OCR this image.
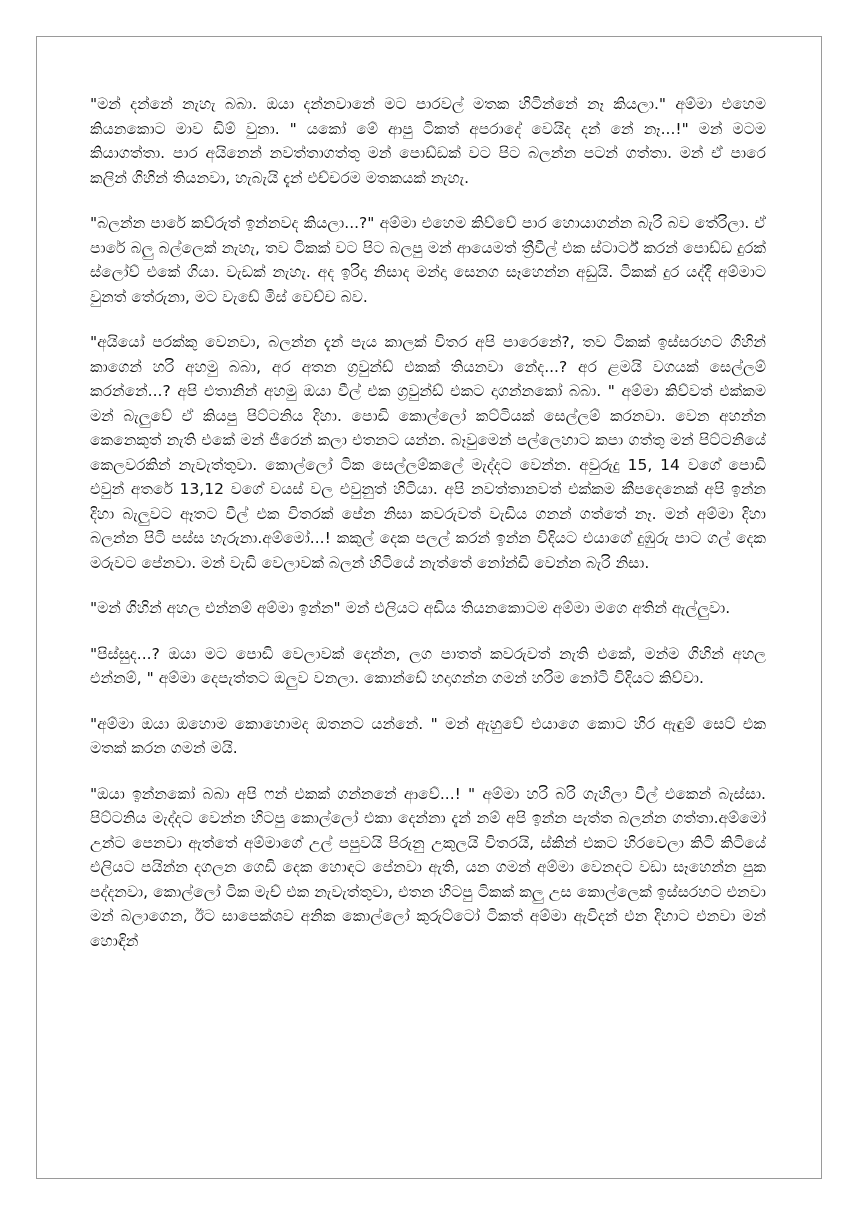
"මන් දන්නේ නැහැ බබා. ඔයා දන්නවානේ මට පාරවල් මතක හිටින්නේ නෑ කියලා." අම්මා එහෙම කියනකොට මාව ඩිම් වුනා. " යකෝ මේ ආපු ටිකත් අපරාදේ වෙයිද දන් නේ නෑ...!" මන් මටම කියාගත්තා. පාර අයිනෙන් නවත්තාගත්තු මන් පොඩ්ඩක් වට පිට බලන්න පටන් ගත්තා. මන් ඒ පාරෙ කලින් ගිහින් තියනවා, හැබැයි දැන් එච්චරම මතකයක් නැහැ.

"බලන්න පාරේ කව්රුත් ඉන්නවද කියලා...?" අම්මා එහෙම කිව්වේ පාර හොයාගන්න බැරි බව තේරිලා. ඒ පාරේ බලු බල්ලෙක් නැහැ, තව ටිකක් වට පිට බලපු මන් ආයෙමත් ත්‍රීවීල් එක ස්ටාර්ට් කරන් පොඩ්ඩ දුරක් ස්ලෝව් එකේ ගියා. වැඩක් නැහැ. අද ඉරිදා නිසාද මන්දා සෙනග සෑහෙන්න අඩුයි. ටිකක් දුර යද්දී අම්මාට වුනත් තේරුනා, මට වැඩේ මිස් වෙච්ච බව.

"අයියෝ පරක්කු වෙනවා, බලන්න දැන් පැය කාලක් විතර අපි පාරෙනේ?, තව ටිකක් ඉස්සරහට ගිහින් කාගෙන් හරි අහමු බබා, අර අතන ග්‍රවුන්ඩ් එකක් තියනවා නේද...? අර ළමයි වගයක් සෙල්ලම් කරන්නේ...? අපි එතානින් අහමු ඔයා වීල් එක ග්‍රවුන්ඩ් එකට දාගන්නකෝ බබා. " අම්මා කිව්වත් එක්කම මන් බැලුවේ ඒ කියපු පිට්ටනිය දිහා. පොඩි කොල්ලෝ කට්ටියක් සෙල්ලම් කරනවා. වෙන අහන්න කෙනෙකුත් නැති එකේ මන් ජීරෙන් කලා එතනට යන්න. බෑවුමෙන් පල්ලෙහාට කපා ගත්තු මන් පිට්ටනියේ කෙලවරකින් නැවැත්තුවා. කොල්ලෝ ටික සෙල්ලම්කලේ මැද්දට වෙන්න. අවුරුදු 15, 14 වගේ පොඩි එවුන් අතරේ 13,12 වගේ වයස් වල එවුනුත් හිටියා. අපි නවත්තානවත් එක්කම කීපදෙනෙක් අපි ඉන්න දිහා බැලුවට ඈතට වීල් එක විතරක් පේන නිසා කවරුවත් වැඩිය ගනන් ගත්තේ නෑ. මන් අම්මා දිහා බලන්න පිටි පස්ස හැරුනා.අම්මෝ...! කකුල් දෙක පලල් කරන් ඉන්න විදියට එයාගේ දුඹුරු පාට ගල් දෙක මරුවට පේනවා. මන් වැඩි වෙලාවක් බලන් හිටියේ නැත්තේ නෝන්ඩි වෙන්න බැරි නිසා.

"මන් ගිහින් අහල එන්නම් අම්මා ඉන්න" මන් එලියට අඩිය තියනකොටම අම්මා මගෙ අතින් ඇල්ලුවා.

"පිස්සුද...? ඔයා මට පොඩි වෙලාවක් දෙන්න, ලග පාතත් කවරුවත් නැති එකේ, මන්ම ගිහින් අහල එන්නම්, " අම්මා දෙපැත්තට ඔලුව වනලා. කොන්ඩේ හදාගන්න ගමන් හරිම නෝටි විදියට කිව්වා.

"අම්මා ඔයා ඔහොම කොහොමද ඔතනට යන්නේ. " මන් ඇහුවේ එයාගෙ කොට හිර ඇඳුම් සෙට් එක මතක් කරන ගමන් මයි.

"ඔයා ඉන්නකෝ බබා අපි ෆන් එකක් ගන්නනේ ආවේ...! " අම්මා හරි බරි ගැහිලා වීල් එකෙන් බැස්සා. පිට්ටනිය මැද්දට වෙන්න හිටපු කොල්ලෝ එකා දෙන්නා දැන් නම් අපි ඉන්න පැත්ත බලන්න ගත්තා.අම්මෝ උන්ට පෙනවා ඇත්තේ අම්මාගේ උල් පපුවයි පිරුනු උකුලයි විතරයි, ස්කින් එකට හිරවෙලා කිටි කිටියේ එලියට පයින්න දගලන ගෙඩි දෙක හොඳට පේනවා ඇති, යන ගමන් අම්මා වෙනදට වඩා සෑහෙන්න පුක පද්දනවා, කොල්ලෝ ටික මැච් එක නැවැත්තුවා, එතන හිටපු ටිකක් කලු උස කොල්ලෙක් ඉස්සරහට එනවා මන් බලාගෙන, ඊට සාපෙක්ශව අනික කොල්ලෝ කුරුට්ටෝ ටිකත් අම්මා ඇවිදන් එන දිහාට එනවා මන් හොඳින්
